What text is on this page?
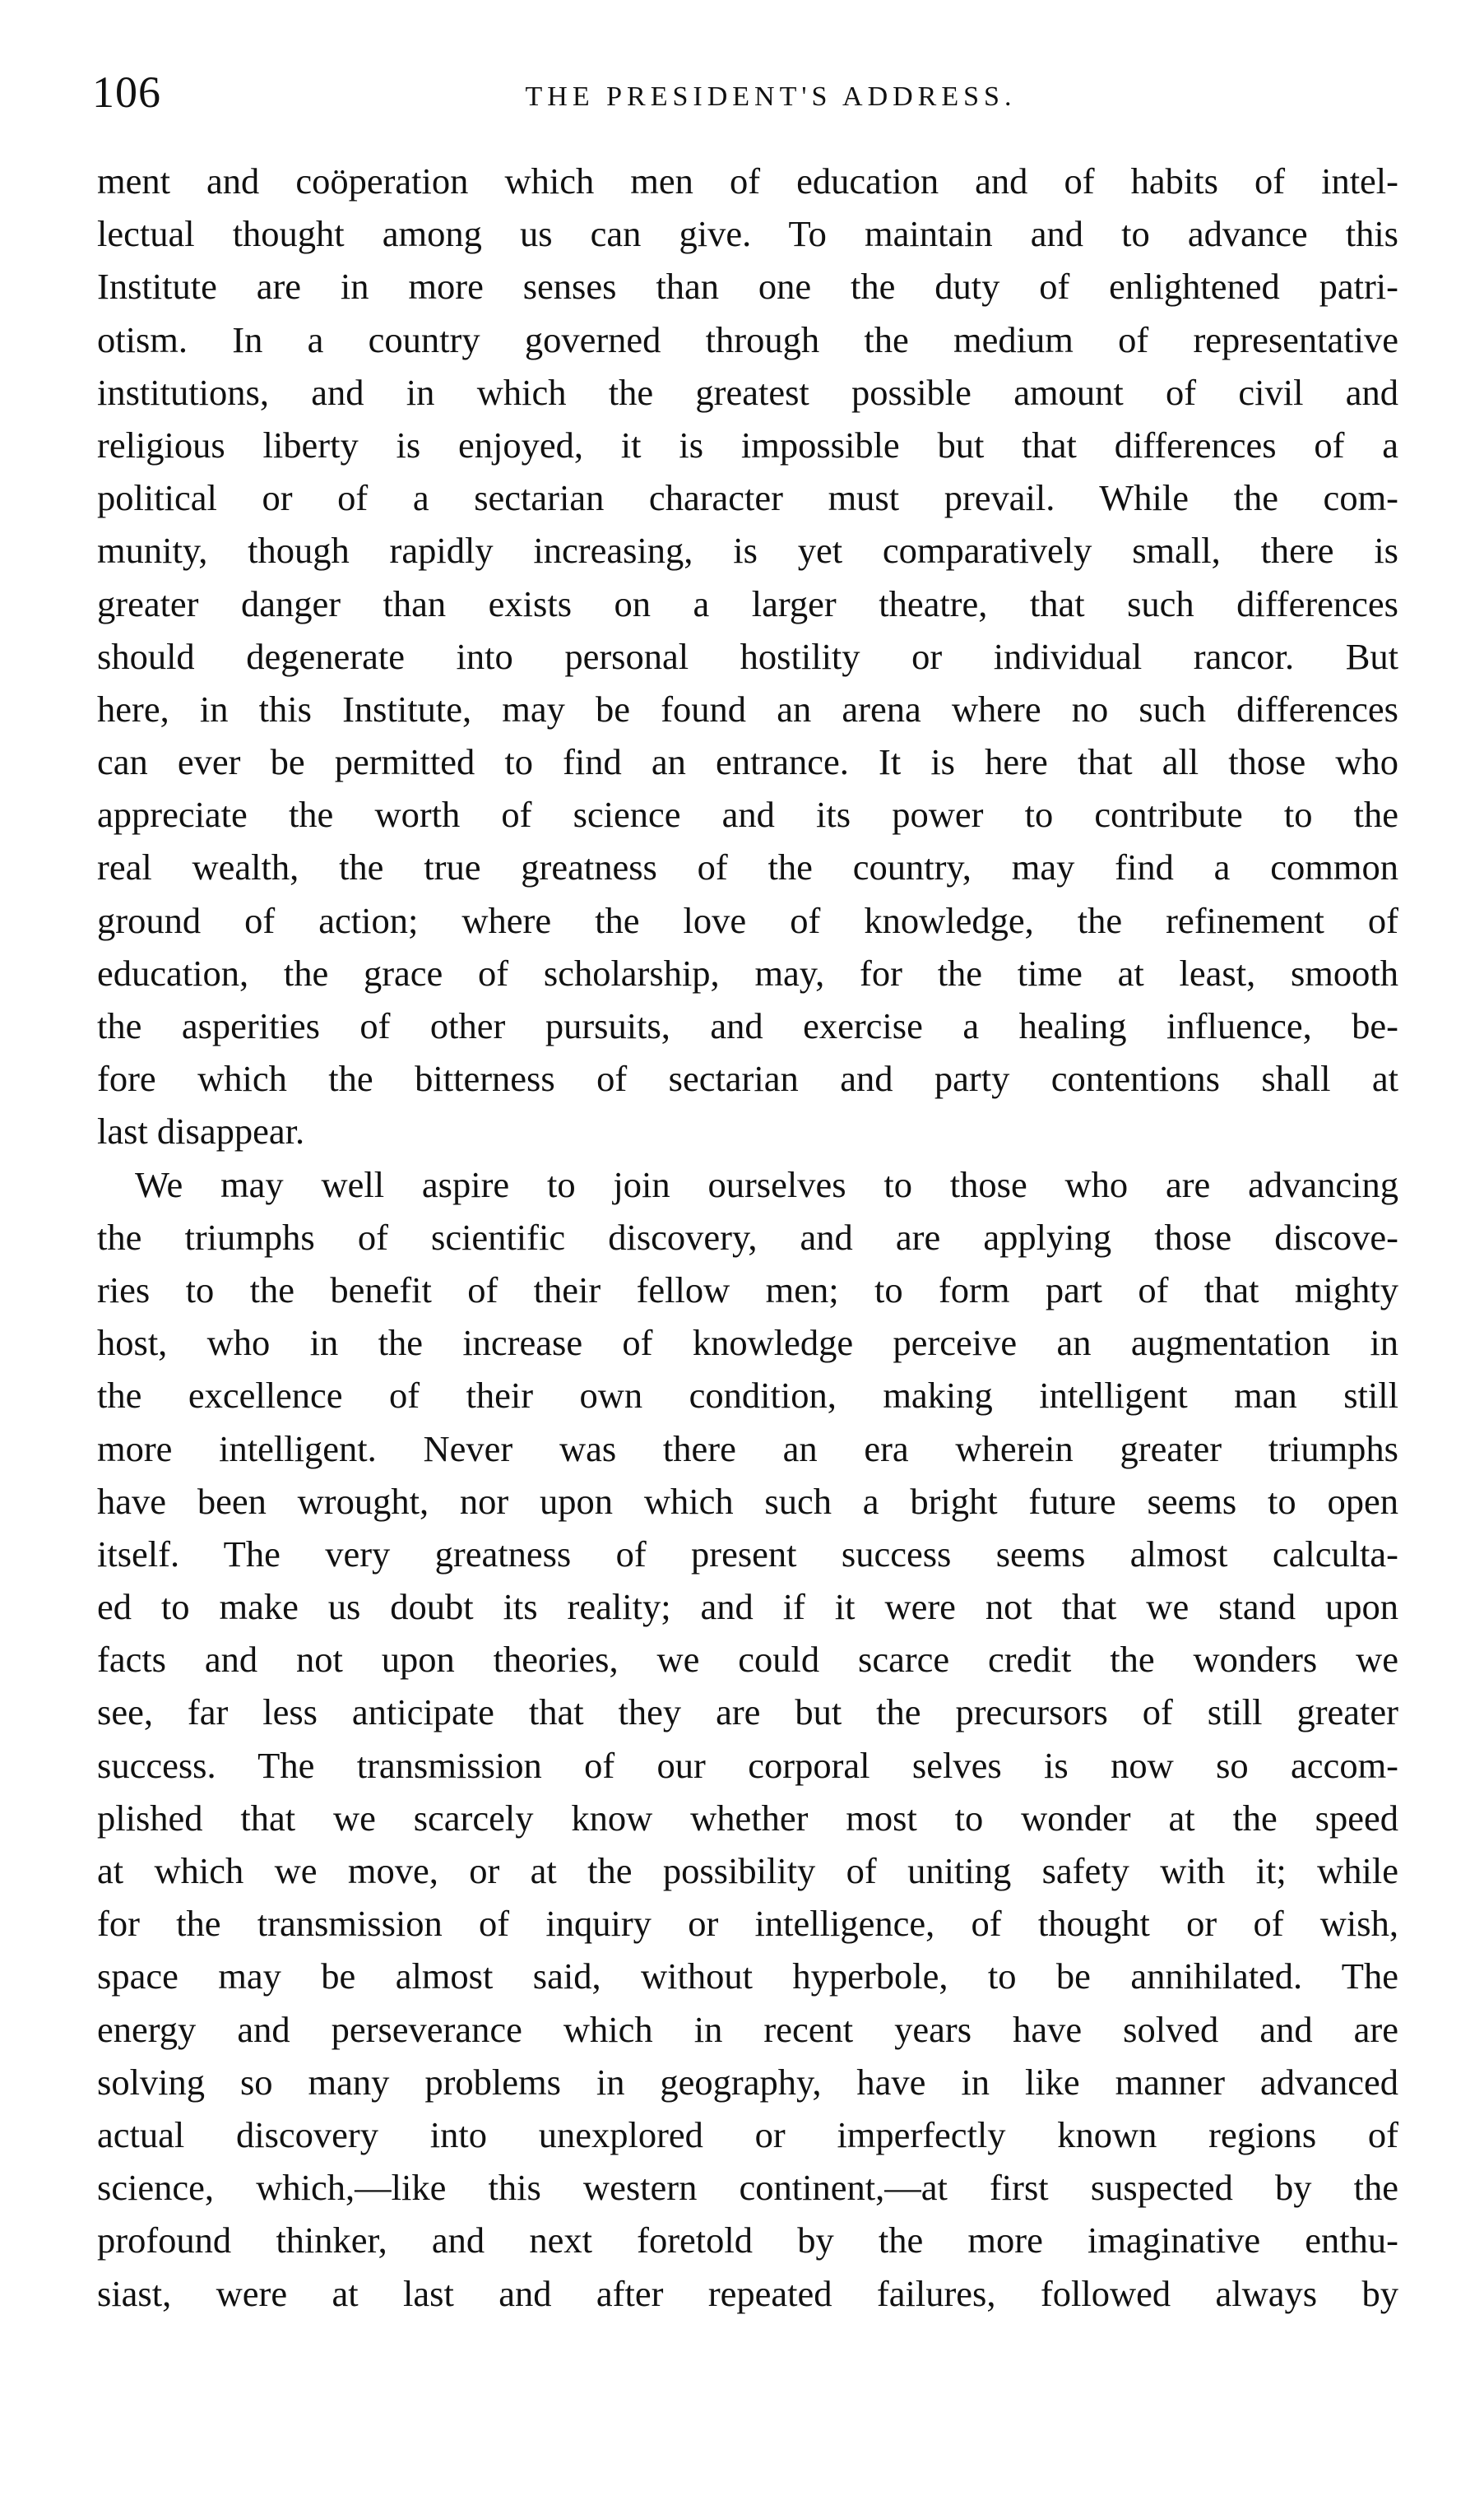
106	THE PRESIDENT'S ADDRESS.
ment and coöperation which men of education and of habits of intel-
lectual thought among us can give. To maintain and to advance this
Institute are in more senses than one the duty of enlightened patri-
otism. In a country governed through the medium of representative
institutions, and in which the greatest possible amount of civil and
religious liberty is enjoyed, it is impossible but that differences of a
political or of a sectarian character must prevail. While the com-
munity, though rapidly increasing, is yet comparatively small, there is
greater danger than exists on a larger theatre, that such differences
should degenerate into personal hostility or individual rancor. But
here, in this Institute, may be found an arena where no such differences
can ever be permitted to find an entrance. It is here that all those who
appreciate the worth of science and its power to contribute to the
real wealth, the true greatness of the country, may find a common
ground of action; where the love of knowledge, the refinement of
education, the grace of scholarship, may, for the time at least, smooth
the asperities of other pursuits, and exercise a healing influence, be-
fore which the bitterness of sectarian and party contentions shall at
last disappear.
We may well aspire to join ourselves to those who are advancing
the triumphs of scientific discovery, and are applying those discove-
ries to the benefit of their fellow men; to form part of that mighty
host, who in the increase of knowledge perceive an augmentation in
the excellence of their own condition, making intelligent man still
more intelligent. Never was there an era wherein greater triumphs
have been wrought, nor upon which such a bright future seems to open
itself. The very greatness of present success seems almost calculta-
ed to make us doubt its reality; and if it were not that we stand upon
facts and not upon theories, we could scarce credit the wonders we
see, far less anticipate that they are but the precursors of still greater
success. The transmission of our corporal selves is now so accom-
plished that we scarcely know whether most to wonder at the speed
at which we move, or at the possibility of uniting safety with it; while
for the transmission of inquiry or intelligence, of thought or of wish,
space may be almost said, without hyperbole, to be annihilated. The
energy and perseverance which in recent years have solved and are
solving so many problems in geography, have in like manner advanced
actual discovery into unexplored or imperfectly known regions of
science, which,—like this western continent,—at first suspected by the
profound thinker, and next foretold by the more imaginative enthu-
siast, were at last and after repeated failures, followed always by
